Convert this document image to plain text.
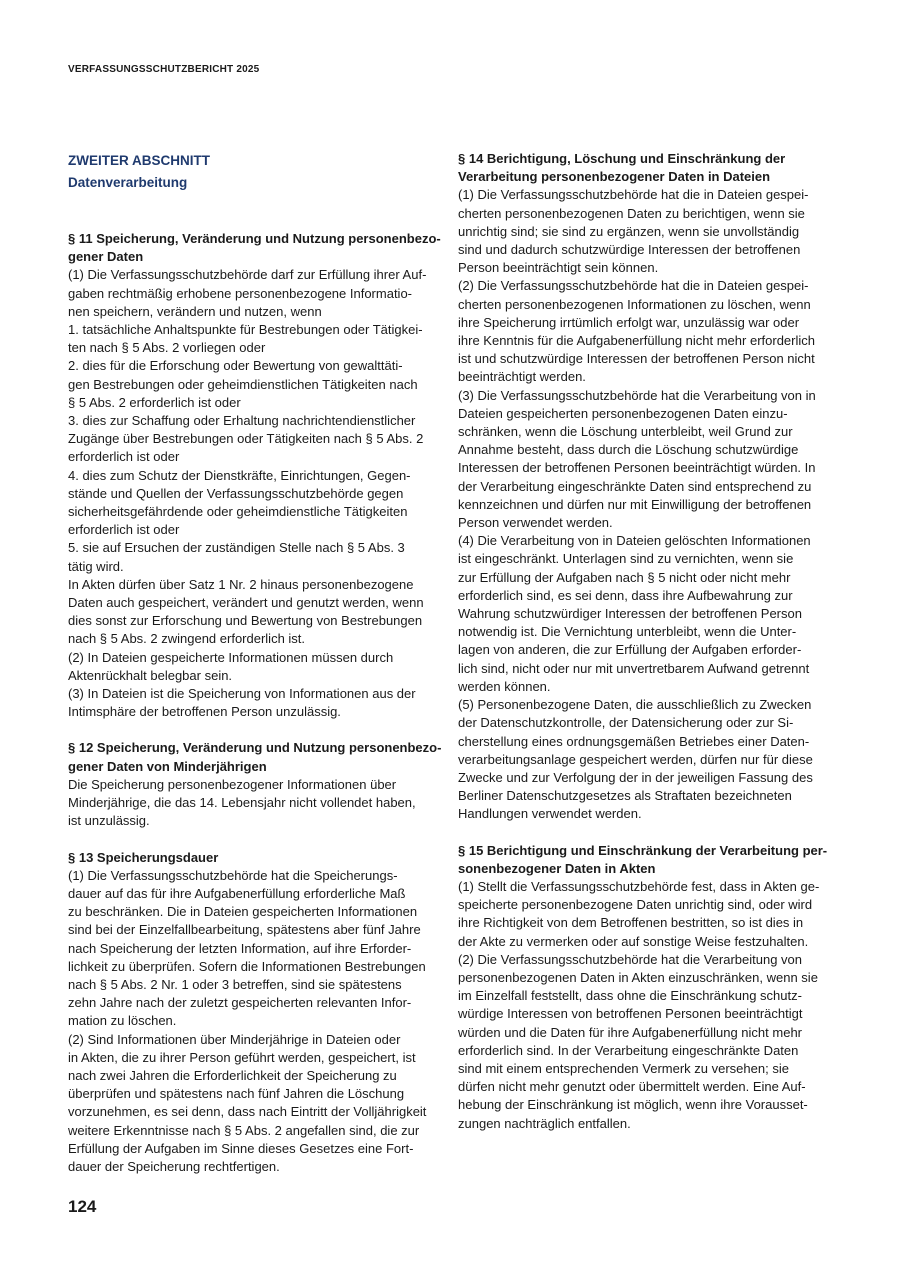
VERFASSUNGSSCHUTZBERICHT 2025
ZWEITER ABSCHNITT
Datenverarbeitung
§ 11 Speicherung, Veränderung und Nutzung personenbezo-
gener Daten
(1) Die Verfassungsschutzbehörde darf zur Erfüllung ihrer Auf-
gaben rechtmäßig erhobene personenbezogene Informatio-
nen speichern, verändern und nutzen, wenn
1. tatsächliche Anhaltspunkte für Bestrebungen oder Tätigkei-
ten nach § 5 Abs. 2 vorliegen oder
2. dies für die Erforschung oder Bewertung von gewalttäti-
gen Bestrebungen oder geheimdienstlichen Tätigkeiten nach
§ 5 Abs. 2 erforderlich ist oder
3. dies zur Schaffung oder Erhaltung nachrichtendienstlicher
Zugänge über Bestrebungen oder Tätigkeiten nach § 5 Abs. 2
erforderlich ist oder
4. dies zum Schutz der Dienstkräfte, Einrichtungen, Gegen-
stände und Quellen der Verfassungsschutzbehörde gegen
sicherheitsgefährdende oder geheimdienstliche Tätigkeiten
erforderlich ist oder
5. sie auf Ersuchen der zuständigen Stelle nach § 5 Abs. 3
tätig wird.
In Akten dürfen über Satz 1 Nr. 2 hinaus personenbezogene
Daten auch gespeichert, verändert und genutzt werden, wenn
dies sonst zur Erforschung und Bewertung von Bestrebungen
nach § 5 Abs. 2 zwingend erforderlich ist.
(2) In Dateien gespeicherte Informationen müssen durch
Aktenrückhalt belegbar sein.
(3) In Dateien ist die Speicherung von Informationen aus der
Intimsphäre der betroffenen Person unzulässig.
§ 12 Speicherung, Veränderung und Nutzung personenbezo-
gener Daten von Minderjährigen
Die Speicherung personenbezogener Informationen über
Minderjährige, die das 14. Lebensjahr nicht vollendet haben,
ist unzulässig.
§ 13 Speicherungsdauer
(1) Die Verfassungsschutzbehörde hat die Speicherungs-
dauer auf das für ihre Aufgabenerfüllung erforderliche Maß
zu beschränken. Die in Dateien gespeicherten Informationen
sind bei der Einzelfallbearbeitung, spätestens aber fünf Jahre
nach Speicherung der letzten Information, auf ihre Erforder-
lichkeit zu überprüfen. Sofern die Informationen Bestrebungen
nach § 5 Abs. 2 Nr. 1 oder 3 betreffen, sind sie spätestens
zehn Jahre nach der zuletzt gespeicherten relevanten Infor-
mation zu löschen.
(2) Sind Informationen über Minderjährige in Dateien oder
in Akten, die zu ihrer Person geführt werden, gespeichert, ist
nach zwei Jahren die Erforderlichkeit der Speicherung zu
überprüfen und spätestens nach fünf Jahren die Löschung
vorzunehmen, es sei denn, dass nach Eintritt der Volljährigkeit
weitere Erkenntnisse nach § 5 Abs. 2 angefallen sind, die zur
Erfüllung der Aufgaben im Sinne dieses Gesetzes eine Fort-
dauer der Speicherung rechtfertigen.
§ 14 Berichtigung, Löschung und Einschränkung der
Verarbeitung personenbezogener Daten in Dateien
(1) Die Verfassungsschutzbehörde hat die in Dateien gespei-
cherten personenbezogenen Daten zu berichtigen, wenn sie
unrichtig sind; sie sind zu ergänzen, wenn sie unvollständig
sind und dadurch schutzwürdige Interessen der betroffenen
Person beeinträchtigt sein können.
(2) Die Verfassungsschutzbehörde hat die in Dateien gespei-
cherten personenbezogenen Informationen zu löschen, wenn
ihre Speicherung irrtümlich erfolgt war, unzulässig war oder
ihre Kenntnis für die Aufgabenerfüllung nicht mehr erforderlich
ist und schutzwürdige Interessen der betroffenen Person nicht
beeinträchtigt werden.
(3) Die Verfassungsschutzbehörde hat die Verarbeitung von in
Dateien gespeicherten personenbezogenen Daten einzu-
schränken, wenn die Löschung unterbleibt, weil Grund zur
Annahme besteht, dass durch die Löschung schutzwürdige
Interessen der betroffenen Personen beeinträchtigt würden. In
der Verarbeitung eingeschränkte Daten sind entsprechend zu
kennzeichnen und dürfen nur mit Einwilligung der betroffenen
Person verwendet werden.
(4) Die Verarbeitung von in Dateien gelöschten Informationen
ist eingeschränkt. Unterlagen sind zu vernichten, wenn sie
zur Erfüllung der Aufgaben nach § 5 nicht oder nicht mehr
erforderlich sind, es sei denn, dass ihre Aufbewahrung zur
Wahrung schutzwürdiger Interessen der betroffenen Person
notwendig ist. Die Vernichtung unterbleibt, wenn die Unter-
lagen von anderen, die zur Erfüllung der Aufgaben erforder-
lich sind, nicht oder nur mit unvertretbarem Aufwand getrennt
werden können.
(5) Personenbezogene Daten, die ausschließlich zu Zwecken
der Datenschutzkontrolle, der Datensicherung oder zur Si-
cherstellung eines ordnungsgemäßen Betriebes einer Daten-
verarbeitungsanlage gespeichert werden, dürfen nur für diese
Zwecke und zur Verfolgung der in der jeweiligen Fassung des
Berliner Datenschutzgesetzes als Straftaten bezeichneten
Handlungen verwendet werden.
§ 15 Berichtigung und Einschränkung der Verarbeitung per-
sonenbezogener Daten in Akten
(1) Stellt die Verfassungsschutzbehörde fest, dass in Akten ge-
speicherte personenbezogene Daten unrichtig sind, oder wird
ihre Richtigkeit von dem Betroffenen bestritten, so ist dies in
der Akte zu vermerken oder auf sonstige Weise festzuhalten.
(2) Die Verfassungsschutzbehörde hat die Verarbeitung von
personenbezogenen Daten in Akten einzuschränken, wenn sie
im Einzelfall feststellt, dass ohne die Einschränkung schutz-
würdige Interessen von betroffenen Personen beeinträchtigt
würden und die Daten für ihre Aufgabenerfüllung nicht mehr
erforderlich sind. In der Verarbeitung eingeschränkte Daten
sind mit einem entsprechenden Vermerk zu versehen; sie
dürfen nicht mehr genutzt oder übermittelt werden. Eine Auf-
hebung der Einschränkung ist möglich, wenn ihre Vorausset-
zungen nachträglich entfallen.
124
